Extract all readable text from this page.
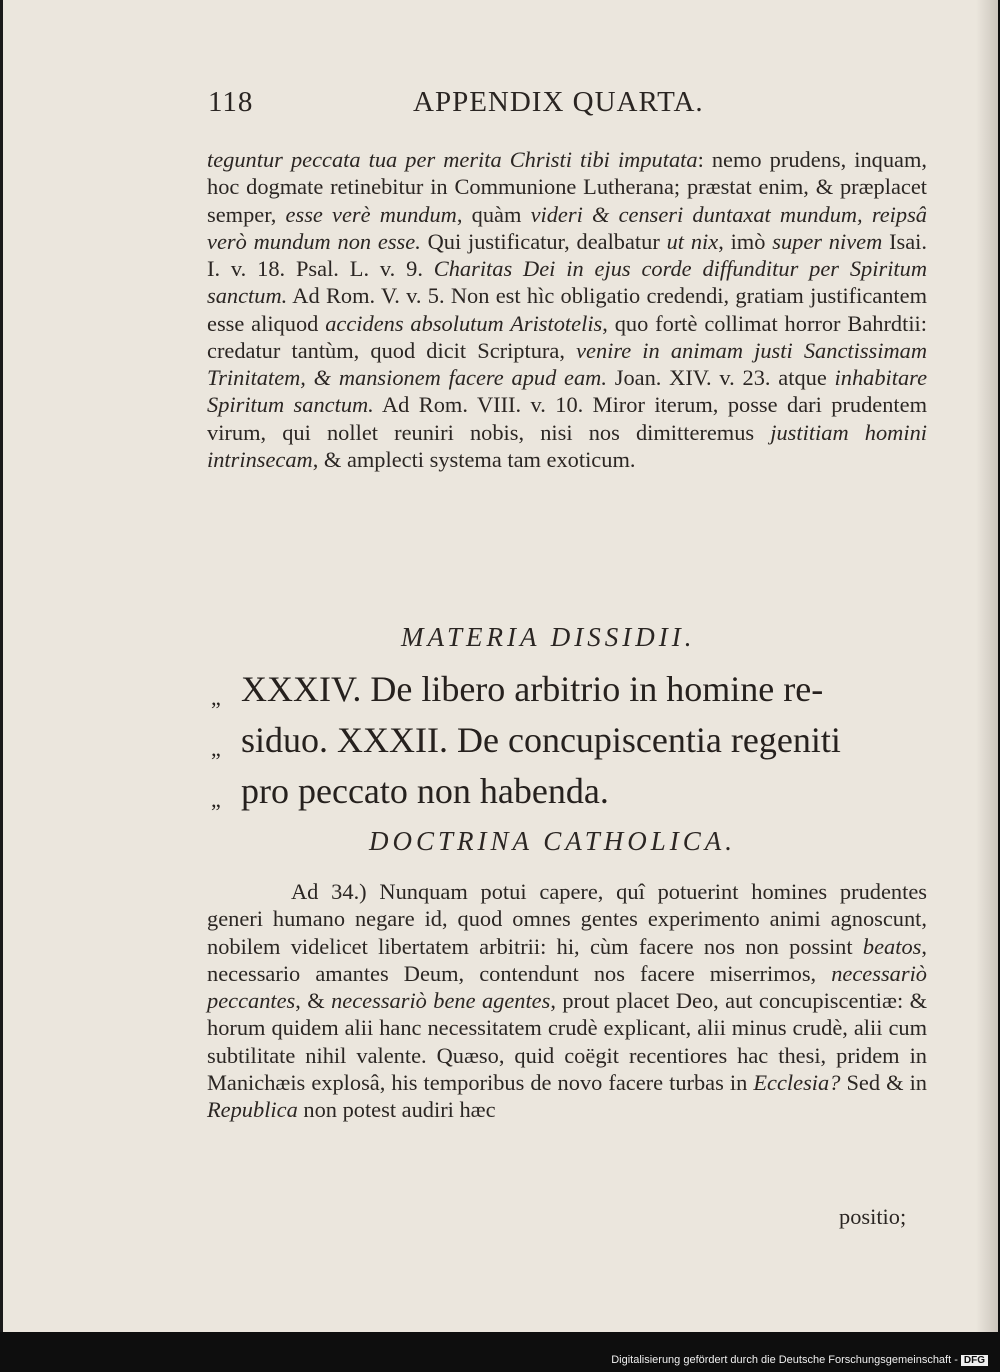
118	APPENDIX QUARTA.
teguntur peccata tua per merita Christi tibi imputata: nemo prudens, inquam, hoc dogmate retinebitur in Communione Lutherana; præstat enim, & præplacet semper, esse verè mundum, quàm videri & censeri duntaxat mundum, reipsâ verò mundum non esse. Qui justificatur, dealbatur ut nix, imò super nivem Isai. I. v. 18. Psal. L. v. 9. Charitas Dei in ejus corde diffunditur per Spiritum sanctum. Ad Rom. V. v. 5. Non est hìc obligatio credendi, gratiam justificantem esse aliquod accidens absolutum Aristotelis, quo fortè collimat horror Bahrdtii: credatur tantùm, quod dicit Scriptura, venire in animam justi Sanctissimam Trinitatem, & mansionem facere apud eam. Joan. XIV. v. 23. atque inhabitare Spiritum sanctum. Ad Rom. VIII. v. 10. Miror iterum, posse dari prudentem virum, qui nollet reuniri nobis, nisi nos dimitteremus justitiam homini intrinsecam, & amplecti systema tam exoticum.
MATERIA DISSIDII.
„ XXXIV. De libero arbitrio in homine re-
„ siduo. XXXII. De concupiscentia regeniti
„ pro peccato non habenda.
DOCTRINA CATHOLICA.
Ad 34.) Nunquam potui capere, quî potuerint homines prudentes generi humano negare id, quod omnes gentes experimento animi agnoscunt, nobilem videlicet libertatem arbitrii: hi, cùm facere nos non possint beatos, necessario amantes Deum, contendunt nos facere miserrimos, necessariò peccantes, & necessariò bene agentes, prout placet Deo, aut concupiscentiæ: & horum quidem alii hanc necessitatem crudè explicant, alii minus crudè, alii cum subtilitate nihil valente. Quæso, quid coëgit recentiores hac thesi, pridem in Manichæis explosâ, his temporibus de novo facere turbas in Ecclesia? Sed & in Republica non potest audiri hæc
positio;
Digitalisierung gefördert durch die Deutsche Forschungsgemeinschaft - DFG
